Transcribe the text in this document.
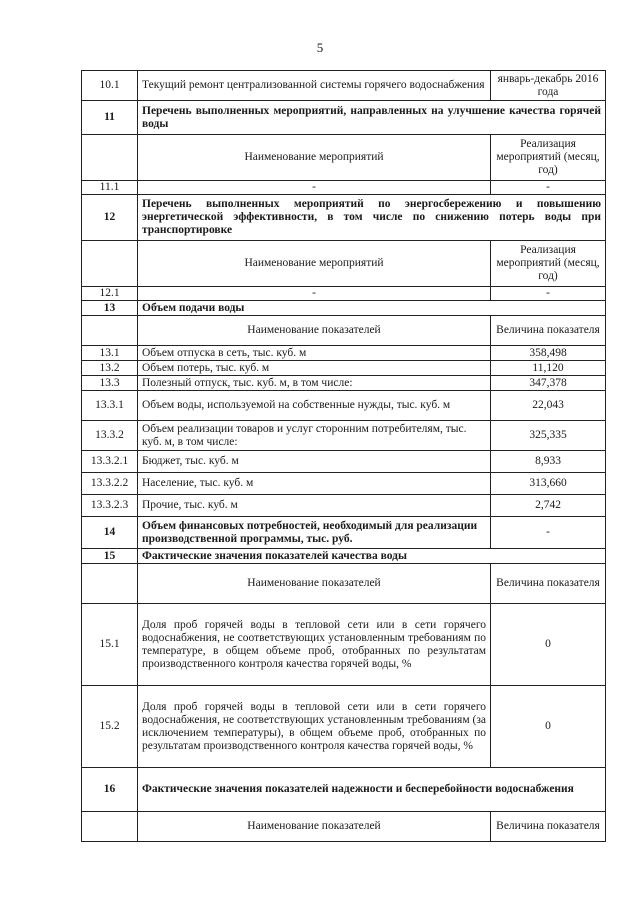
5
10.1	Текущий ремонт централизованной системы горячего водоснабжения	январь-декабрь 2016 года
11	Перечень выполненных мероприятий, направленных на улучшение качества горячей воды	
	Наименование мероприятий	Реализация мероприятий (месяц, год)
11.1	-	-
12	Перечень выполненных мероприятий по энергосбережению и повышению энергетической эффективности, в том числе по снижению потерь воды при транспортировке	
	Наименование мероприятий	Реализация мероприятий (месяц, год)
12.1	-	-
13	Объем подачи воды	
	Наименование показателей	Величина показателя
13.1	Объем отпуска в сеть, тыс. куб. м	358,498
13.2	Объем потерь, тыс. куб. м	11,120
13.3	Полезный отпуск, тыс. куб. м, в том числе:	347,378
13.3.1	Объем воды, используемой на собственные нужды, тыс. куб. м	22,043
13.3.2	Объем реализации товаров и услуг сторонним потребителям, тыс. куб. м, в том числе:	325,335
13.3.2.1	Бюджет, тыс. куб. м	8,933
13.3.2.2	Население, тыс. куб. м	313,660
13.3.2.3	Прочие, тыс. куб. м	2,742
14	Объем финансовых потребностей, необходимый для реализации производственной программы, тыс. руб.	-
15	Фактические значения показателей качества воды	
	Наименование показателей	Величина показателя
15.1	Доля проб горячей воды в тепловой сети или в сети горячего водоснабжения, не соответствующих установленным требованиям по температуре, в общем объеме проб, отобранных по результатам производственного контроля качества горячей воды, %	0
15.2	Доля проб горячей воды в тепловой сети или в сети горячего водоснабжения, не соответствующих установленным требованиям (за исключением температуры), в общем объеме проб, отобранных по результатам производственного контроля качества горячей воды, %	0
16	Фактические значения показателей надежности и бесперебойности водоснабжения	
	Наименование показателей	Величина показателя
